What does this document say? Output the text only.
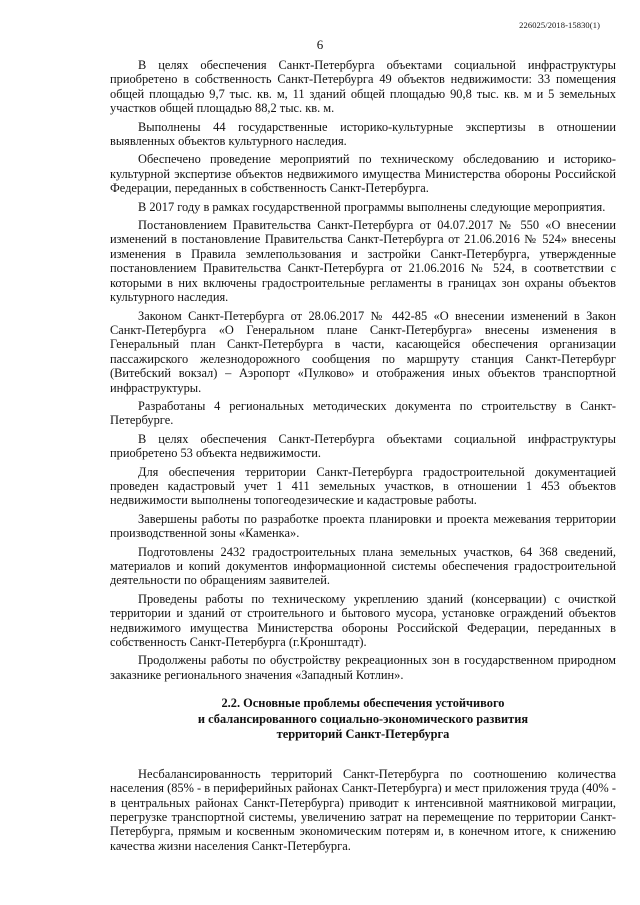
226025/2018-15830(1)
6

В целях обеспечения Санкт-Петербурга объектами социальной инфраструктуры приобретено в собственность Санкт-Петербурга 49 объектов недвижимости: 33 помещения общей площадью 9,7 тыс. кв. м, 11 зданий общей площадью 90,8 тыс. кв. м и 5 земельных участков общей площадью 88,2 тыс. кв. м.

Выполнены 44 государственные историко-культурные экспертизы в отношении выявленных объектов культурного наследия.

Обеспечено проведение мероприятий по техническому обследованию и историко-культурной экспертизе объектов недвижимого имущества Министерства обороны Российской Федерации, переданных в собственность Санкт-Петербурга.

В 2017 году в рамках государственной программы выполнены следующие мероприятия.

Постановлением Правительства Санкт-Петербурга от 04.07.2017 № 550 «О внесении изменений в постановление Правительства Санкт-Петербурга от 21.06.2016 № 524» внесены изменения в Правила землепользования и застройки Санкт-Петербурга, утвержденные постановлением Правительства Санкт-Петербурга от 21.06.2016 № 524, в соответствии с которыми в них включены градостроительные регламенты в границах зон охраны объектов культурного наследия.

Законом Санкт-Петербурга от 28.06.2017 № 442-85 «О внесении изменений в Закон Санкт-Петербурга «О Генеральном плане Санкт-Петербурга» внесены изменения в Генеральный план Санкт-Петербурга в части, касающейся обеспечения организации пассажирского железнодорожного сообщения по маршруту станция Санкт-Петербург (Витебский вокзал) – Аэропорт «Пулково» и отображения иных объектов транспортной инфраструктуры.

Разработаны 4 региональных методических документа по строительству в Санкт-Петербурге.

В целях обеспечения Санкт-Петербурга объектами социальной инфраструктуры приобретено 53 объекта недвижимости.

Для обеспечения территории Санкт-Петербурга градостроительной документацией проведен кадастровый учет 1 411 земельных участков, в отношении 1 453 объектов недвижимости выполнены топогеодезические и кадастровые работы.

Завершены работы по разработке проекта планировки и проекта межевания территории производственной зоны «Каменка».

Подготовлены 2432 градостроительных плана земельных участков, 64 368 сведений, материалов и копий документов информационной системы обеспечения градостроительной деятельности по обращениям заявителей.

Проведены работы по техническому укреплению зданий (консервации) с очисткой территории и зданий от строительного и бытового мусора, установке ограждений объектов недвижимого имущества Министерства обороны Российской Федерации, переданных в собственность Санкт-Петербурга (г.Кронштадт).

Продолжены работы по обустройству рекреационных зон в государственном природном заказнике регионального значения «Западный Котлин».

2.2. Основные проблемы обеспечения устойчивого
и сбалансированного социально-экономического развития
территорий Санкт-Петербурга

Несбалансированность территорий Санкт-Петербурга по соотношению количества населения (85% - в периферийных районах Санкт-Петербурга) и мест приложения труда (40% - в центральных районах Санкт-Петербурга) приводит к интенсивной маятниковой миграции, перегрузке транспортной системы, увеличению затрат на перемещение по территории Санкт-Петербурга, прямым и косвенным экономическим потерям и, в конечном итоге, к снижению качества жизни населения Санкт-Петербурга.
